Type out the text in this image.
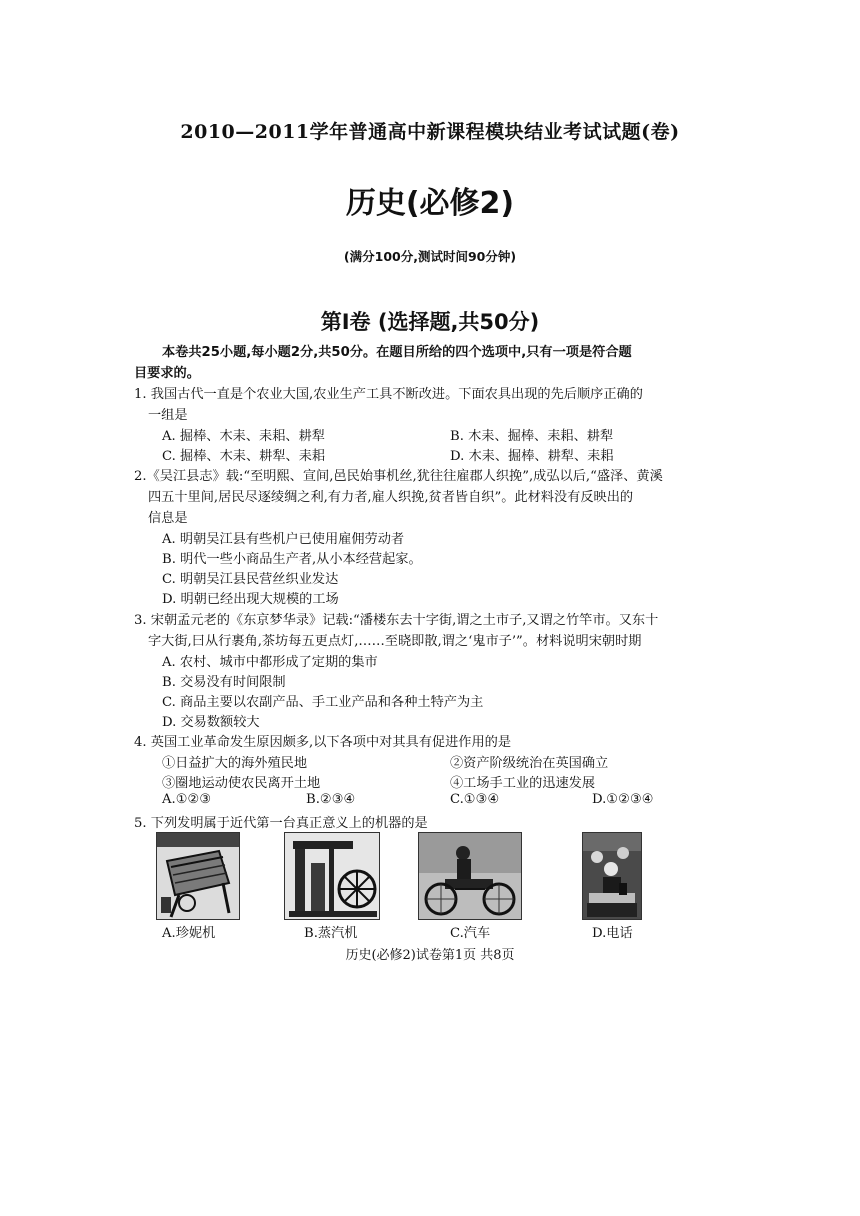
2010—2011学年普通高中新课程模块结业考试试题(卷)
历史(必修2)
(满分100分,测试时间90分钟)
第Ⅰ卷 (选择题,共50分)
本卷共25小题,每小题2分,共50分。在题目所给的四个选项中,只有一项是符合题
目要求的。
1. 我国古代一直是个农业大国,农业生产工具不断改进。下面农具出现的先后顺序正确的
一组是
A. 掘棒、木耒、耒耜、耕犁	B. 木耒、掘棒、耒耜、耕犁
C. 掘棒、木耒、耕犁、耒耜	D. 木耒、掘棒、耕犁、耒耜
2.《吴江县志》载:“至明熙、宣间,邑民始事机丝,犹往往雇郡人织挽”,成弘以后,“盛泽、黄溪
四五十里间,居民尽逐绫绸之利,有力者,雇人织挽,贫者皆自织”。此材料没有反映出的
信息是
A. 明朝吴江县有些机户已使用雇佣劳动者
B. 明代一些小商品生产者,从小本经营起家。
C. 明朝吴江县民营丝织业发达
D. 明朝已经出现大规模的工场
3. 宋朝孟元老的《东京梦华录》记载:“潘楼东去十字街,谓之土市子,又谓之竹竿市。又东十
字大街,曰从行裹角,茶坊每五更点灯,……至晓即散,谓之‘鬼市子’”。材料说明宋朝时期
A. 农村、城市中都形成了定期的集市
B. 交易没有时间限制
C. 商品主要以农副产品、手工业产品和各种土特产为主
D. 交易数额较大
4. 英国工业革命发生原因颇多,以下各项中对其具有促进作用的是
①日益扩大的海外殖民地	②资产阶级统治在英国确立
③圈地运动使农民离开土地	④工场手工业的迅速发展
A.①②③	B.②③④	C.①③④	D.①②③④
5. 下列发明属于近代第一台真正意义上的机器的是
A.珍妮机	B.蒸汽机	C.汽车	D.电话
历史(必修2)试卷第1页 共8页
